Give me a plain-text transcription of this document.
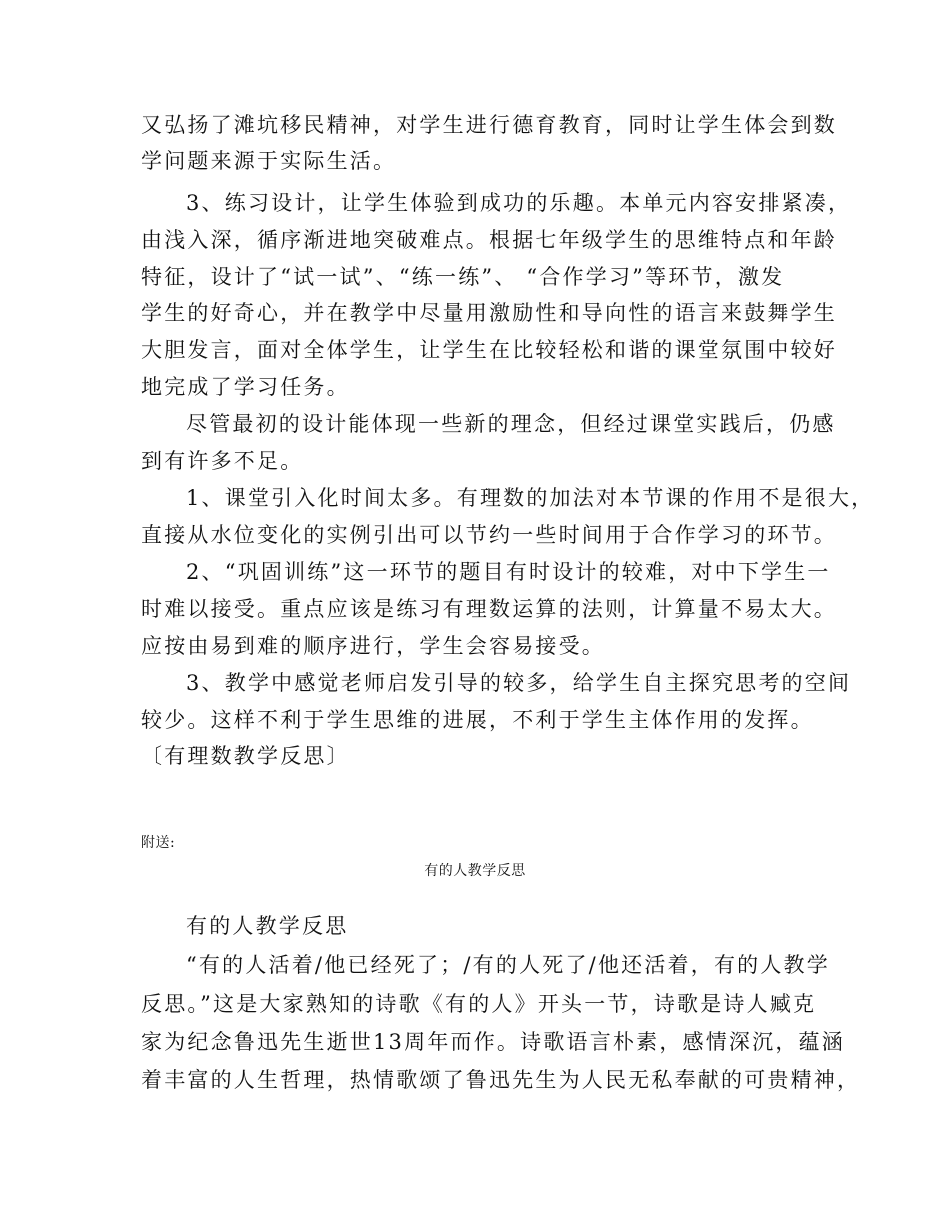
又弘扬了滩坑移民精神，对学生进行德育教育，同时让学生体会到数
学问题来源于实际生活。
3、练习设计，让学生体验到成功的乐趣。本单元内容安排紧凑，
由浅入深，循序渐进地突破难点。根据七年级学生的思维特点和年龄
特征，设计了“试一试”、“练一练”、 “合作学习”等环节，激发
学生的好奇心，并在教学中尽量用激励性和导向性的语言来鼓舞学生
大胆发言，面对全体学生，让学生在比较轻松和谐的课堂氛围中较好
地完成了学习任务。
尽管最初的设计能体现一些新的理念，但经过课堂实践后，仍感
到有许多不足。
1、课堂引入化时间太多。有理数的加法对本节课的作用不是很大，
直接从水位变化的实例引出可以节约一些时间用于合作学习的环节。
2、“巩固训练”这一环节的题目有时设计的较难，对中下学生一
时难以接受。重点应该是练习有理数运算的法则，计算量不易太大。
应按由易到难的顺序进行，学生会容易接受。
3、教学中感觉老师启发引导的较多，给学生自主探究思考的空间
较少。这样不利于学生思维的进展，不利于学生主体作用的发挥。
〔有理数教学反思〕
附送:
有的人教学反思
有的人教学反思
“有的人活着/他已经死了；/有的人死了/他还活着，有的人教学
反思。”这是大家熟知的诗歌《有的人》开头一节，诗歌是诗人臧克
家为纪念鲁迅先生逝世13周年而作。诗歌语言朴素，感情深沉，蕴涵
着丰富的人生哲理，热情歌颂了鲁迅先生为人民无私奉献的可贵精神，
